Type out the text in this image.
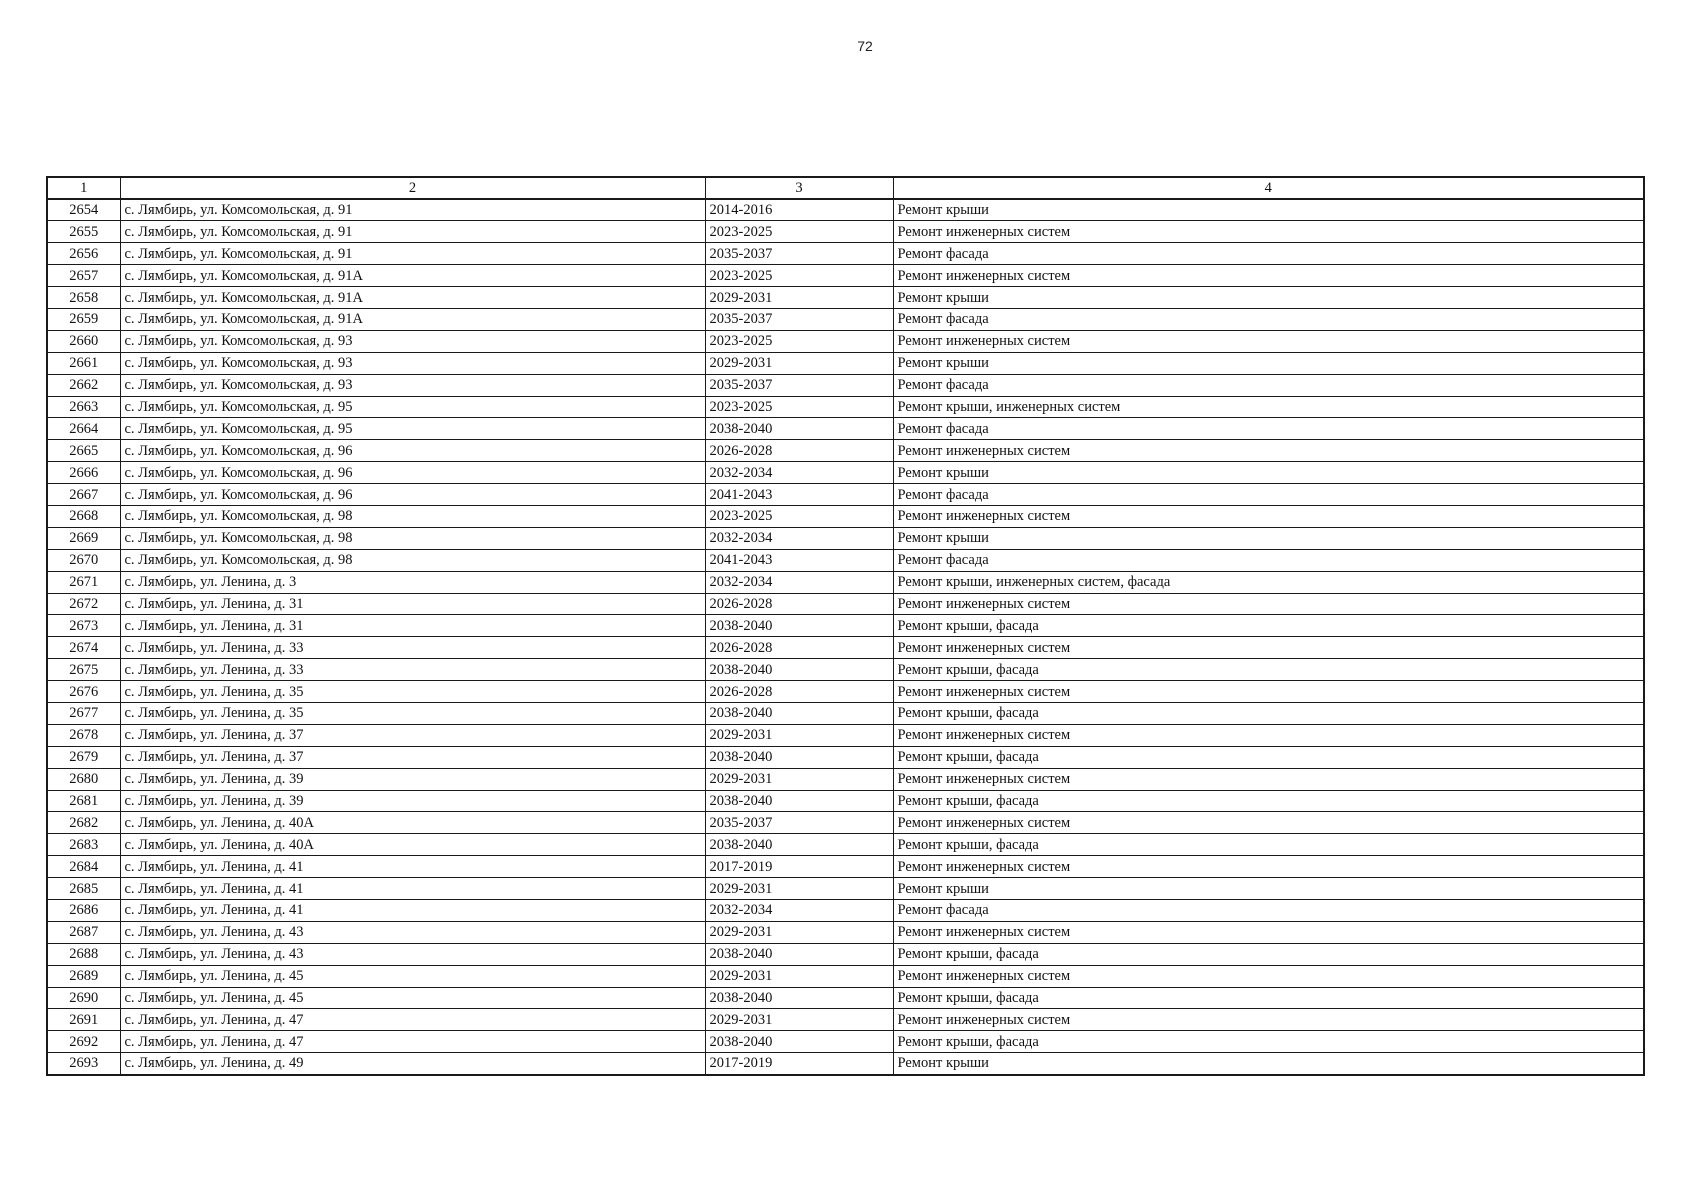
72
1	2	3	4
2654	с. Лямбирь, ул. Комсомольская, д. 91	2014-2016	Ремонт крыши
2655	с. Лямбирь, ул. Комсомольская, д. 91	2023-2025	Ремонт инженерных систем
2656	с. Лямбирь, ул. Комсомольская, д. 91	2035-2037	Ремонт фасада
2657	с. Лямбирь, ул. Комсомольская, д. 91А	2023-2025	Ремонт инженерных систем
2658	с. Лямбирь, ул. Комсомольская, д. 91А	2029-2031	Ремонт крыши
2659	с. Лямбирь, ул. Комсомольская, д. 91А	2035-2037	Ремонт фасада
2660	с. Лямбирь, ул. Комсомольская, д. 93	2023-2025	Ремонт инженерных систем
2661	с. Лямбирь, ул. Комсомольская, д. 93	2029-2031	Ремонт крыши
2662	с. Лямбирь, ул. Комсомольская, д. 93	2035-2037	Ремонт фасада
2663	с. Лямбирь, ул. Комсомольская, д. 95	2023-2025	Ремонт крыши, инженерных систем
2664	с. Лямбирь, ул. Комсомольская, д. 95	2038-2040	Ремонт фасада
2665	с. Лямбирь, ул. Комсомольская, д. 96	2026-2028	Ремонт инженерных систем
2666	с. Лямбирь, ул. Комсомольская, д. 96	2032-2034	Ремонт крыши
2667	с. Лямбирь, ул. Комсомольская, д. 96	2041-2043	Ремонт фасада
2668	с. Лямбирь, ул. Комсомольская, д. 98	2023-2025	Ремонт инженерных систем
2669	с. Лямбирь, ул. Комсомольская, д. 98	2032-2034	Ремонт крыши
2670	с. Лямбирь, ул. Комсомольская, д. 98	2041-2043	Ремонт фасада
2671	с. Лямбирь, ул. Ленина, д. 3	2032-2034	Ремонт крыши, инженерных систем, фасада
2672	с. Лямбирь, ул. Ленина, д. 31	2026-2028	Ремонт инженерных систем
2673	с. Лямбирь, ул. Ленина, д. 31	2038-2040	Ремонт крыши, фасада
2674	с. Лямбирь, ул. Ленина, д. 33	2026-2028	Ремонт инженерных систем
2675	с. Лямбирь, ул. Ленина, д. 33	2038-2040	Ремонт крыши, фасада
2676	с. Лямбирь, ул. Ленина, д. 35	2026-2028	Ремонт инженерных систем
2677	с. Лямбирь, ул. Ленина, д. 35	2038-2040	Ремонт крыши, фасада
2678	с. Лямбирь, ул. Ленина, д. 37	2029-2031	Ремонт инженерных систем
2679	с. Лямбирь, ул. Ленина, д. 37	2038-2040	Ремонт крыши, фасада
2680	с. Лямбирь, ул. Ленина, д. 39	2029-2031	Ремонт инженерных систем
2681	с. Лямбирь, ул. Ленина, д. 39	2038-2040	Ремонт крыши, фасада
2682	с. Лямбирь, ул. Ленина, д. 40А	2035-2037	Ремонт инженерных систем
2683	с. Лямбирь, ул. Ленина, д. 40А	2038-2040	Ремонт крыши, фасада
2684	с. Лямбирь, ул. Ленина, д. 41	2017-2019	Ремонт инженерных систем
2685	с. Лямбирь, ул. Ленина, д. 41	2029-2031	Ремонт крыши
2686	с. Лямбирь, ул. Ленина, д. 41	2032-2034	Ремонт фасада
2687	с. Лямбирь, ул. Ленина, д. 43	2029-2031	Ремонт инженерных систем
2688	с. Лямбирь, ул. Ленина, д. 43	2038-2040	Ремонт крыши, фасада
2689	с. Лямбирь, ул. Ленина, д. 45	2029-2031	Ремонт инженерных систем
2690	с. Лямбирь, ул. Ленина, д. 45	2038-2040	Ремонт крыши, фасада
2691	с. Лямбирь, ул. Ленина, д. 47	2029-2031	Ремонт инженерных систем
2692	с. Лямбирь, ул. Ленина, д. 47	2038-2040	Ремонт крыши, фасада
2693	с. Лямбирь, ул. Ленина, д. 49	2017-2019	Ремонт крыши
